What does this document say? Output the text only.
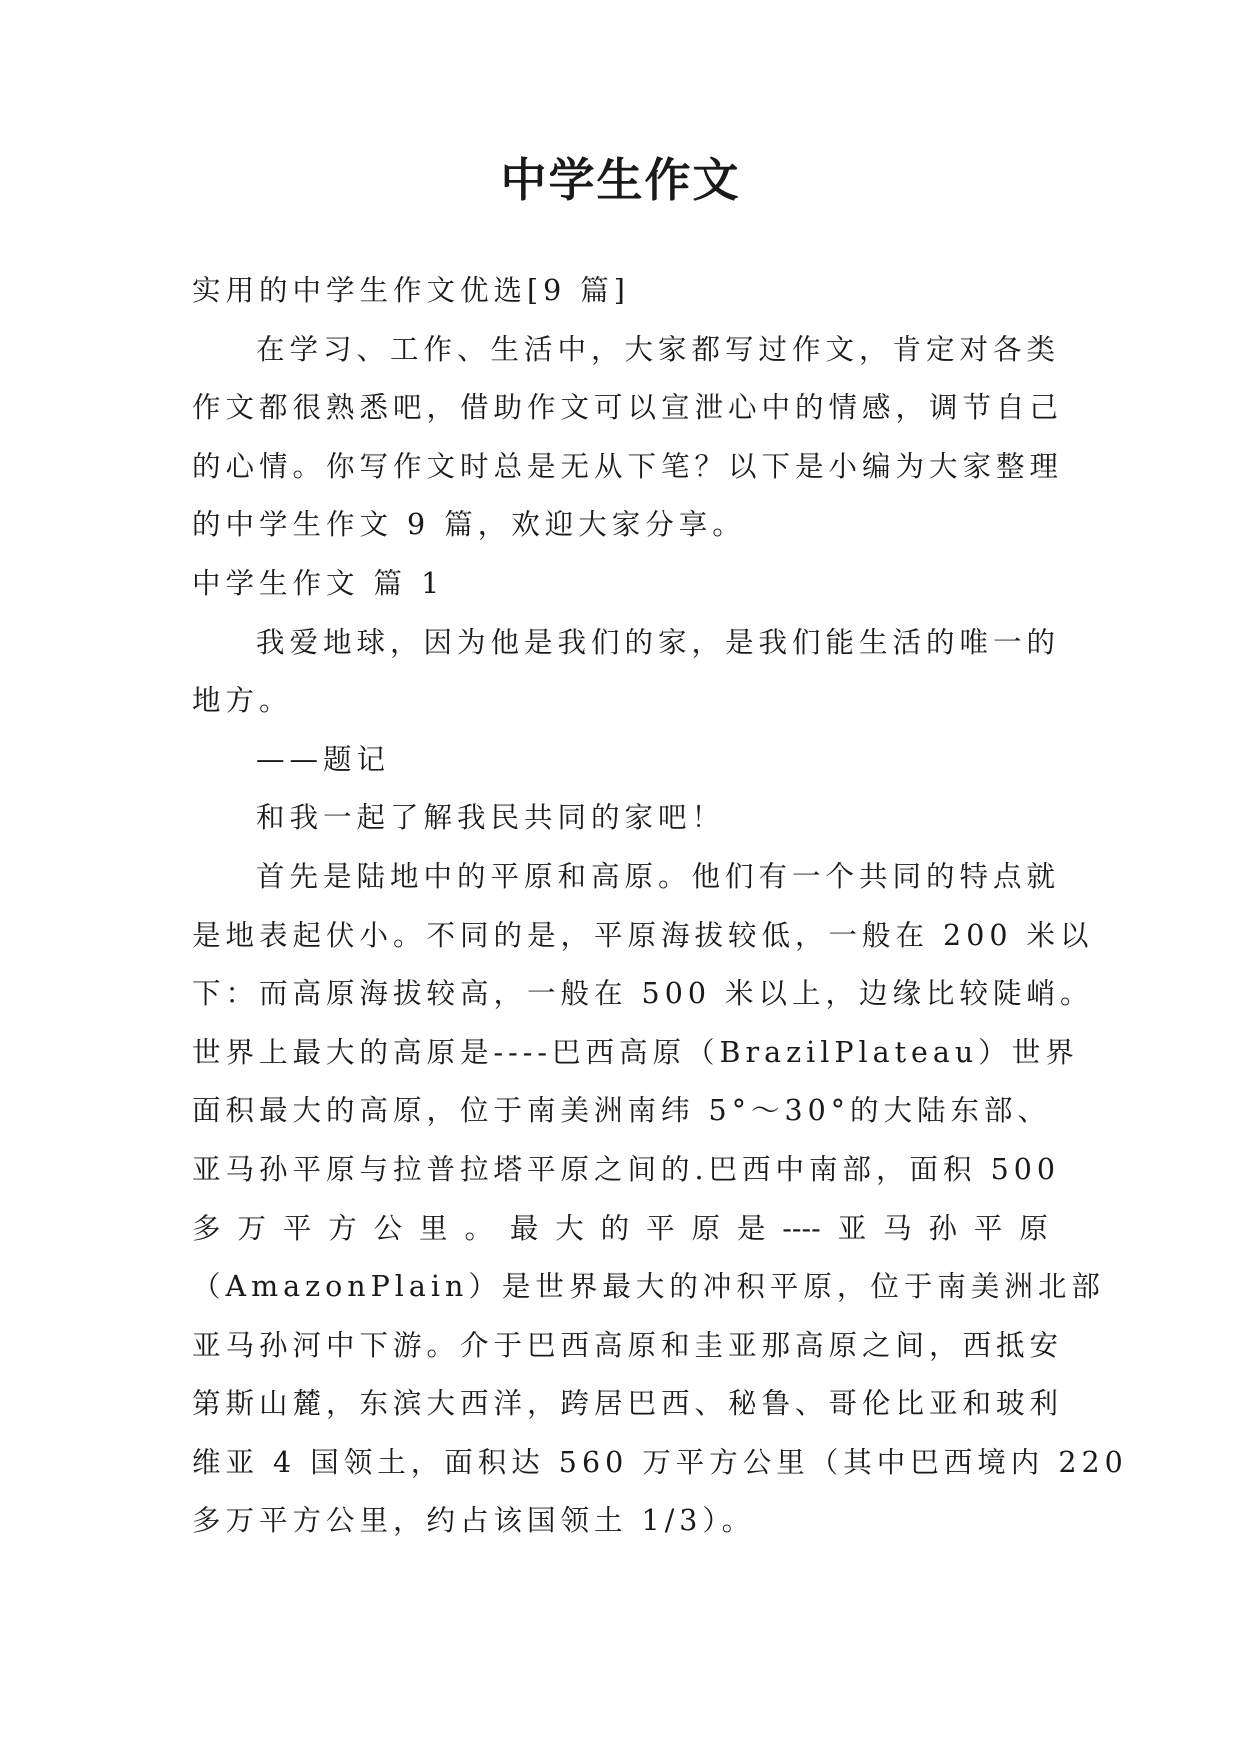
中学生作文

实用的中学生作文优选[9 篇]

在学习、工作、生活中，大家都写过作文，肯定对各类

作文都很熟悉吧，借助作文可以宣泄心中的情感，调节自己

的心情。你写作文时总是无从下笔？以下是小编为大家整理

的中学生作文 9 篇，欢迎大家分享。

中学生作文 篇 1

我爱地球，因为他是我们的家，是我们能生活的唯一的

地方。

——题记

和我一起了解我民共同的家吧！

首先是陆地中的平原和高原。他们有一个共同的特点就

是地表起伏小。不同的是，平原海拔较低，一般在 200 米以

下：而高原海拔较高，一般在 500 米以上，边缘比较陡峭。

世界上最大的高原是----巴西高原（BrazilPlateau）世界

面积最大的高原，位于南美洲南纬 5°～30°的大陆东部、

亚马孙平原与拉普拉塔平原之间的.巴西中南部，面积 500

多 万 平 方 公 里 。 最 大 的 平 原 是 ---- 亚 马 孙 平 原

（AmazonPlain）是世界最大的冲积平原，位于南美洲北部

亚马孙河中下游。介于巴西高原和圭亚那高原之间，西抵安

第斯山麓，东滨大西洋，跨居巴西、秘鲁、哥伦比亚和玻利

维亚 4 国领土，面积达 560 万平方公里（其中巴西境内 220

多万平方公里，约占该国领土 1/3）。
